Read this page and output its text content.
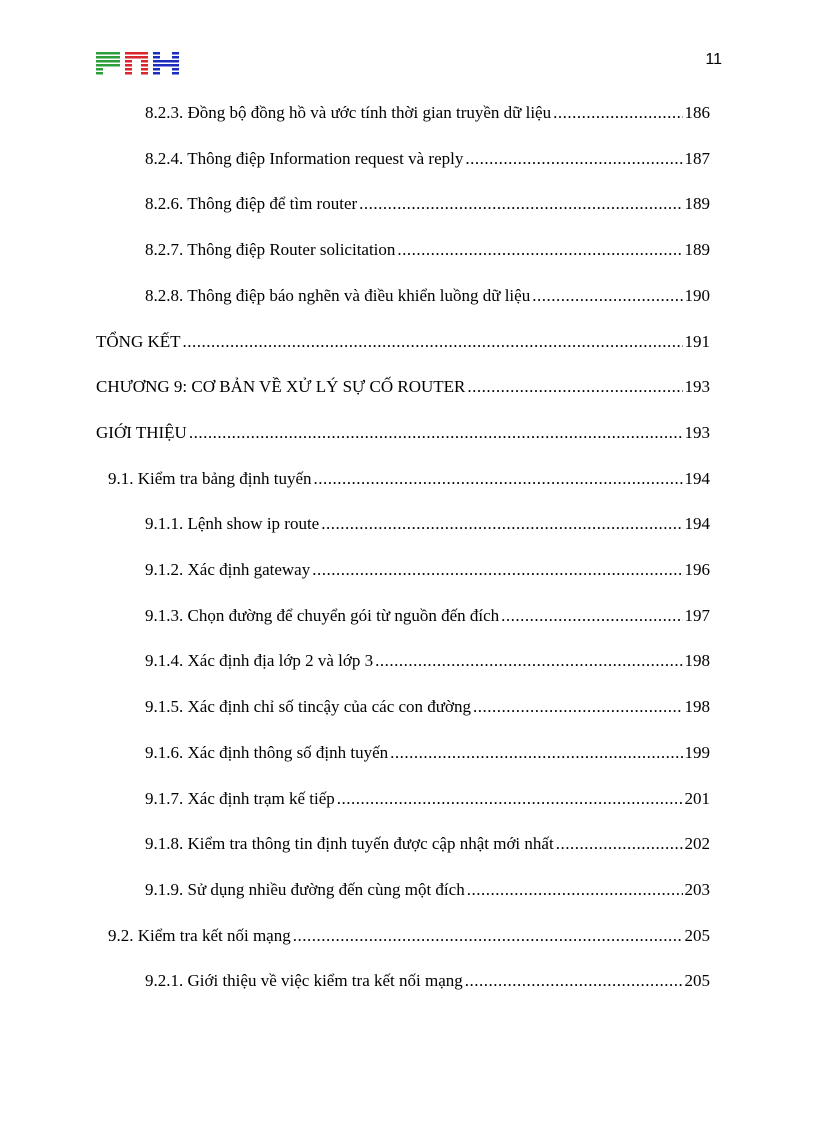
11
8.2.3. Đồng bộ đồng hồ và ước tính thời gian truyền dữ liệu .....	186
8.2.4. Thông điệp Information request và reply .....	187
8.2.6. Thông điệp để tìm router .....	189
8.2.7. Thông điệp Router solicitation .....	189
8.2.8. Thông điệp báo nghẽn và điều khiển luồng dữ liệu .....	190
TỔNG KẾT .....	191
CHƯƠNG 9: CƠ BẢN VỀ XỬ LÝ SỰ CỐ ROUTER .....	193
GIỚI THIỆU .....	193
9.1. Kiểm tra bảng định tuyến .....	194
9.1.1. Lệnh show ip route .....	194
9.1.2. Xác định gateway .....	196
9.1.3. Chọn đường để chuyển gói từ nguồn đến đích .....	197
9.1.4. Xác định địa lớp 2 và lớp 3 .....	198
9.1.5. Xác định chỉ số tincậy của các con đường .....	198
9.1.6. Xác định thông số định tuyến .....	199
9.1.7. Xác định trạm kế tiếp .....	201
9.1.8. Kiểm tra thông tin định tuyến được cập nhật mới nhất .....	202
9.1.9. Sử dụng nhiều đường đến cùng một đích .....	203
9.2. Kiểm tra kết nối mạng .....	205
9.2.1. Giới thiệu về việc kiểm tra kết nối mạng .....	205
